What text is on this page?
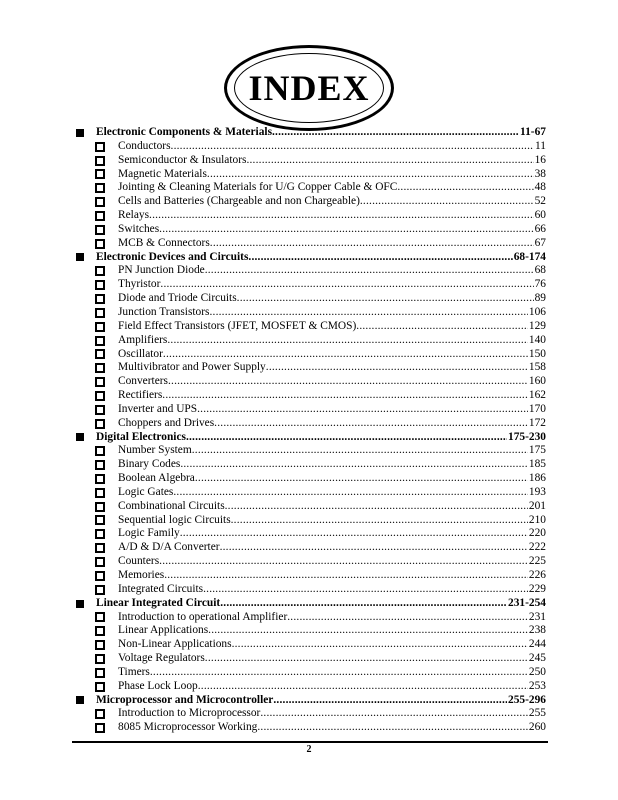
INDEX
Electronic Components & Materials .....	11-67
Conductors .....	11
Semiconductor & Insulators .....	16
Magnetic Materials .....	38
Jointing & Cleaning Materials for U/G Copper Cable & OFC .....	48
Cells and Batteries (Chargeable and non Chargeable) .....	52
Relays .....	60
Switches .....	66
MCB & Connectors .....	67
Electronic Devices and Circuits .....	68-174
PN Junction Diode .....	68
Thyristor .....	76
Diode and Triode Circuits .....	89
Junction Transistors .....	106
Field Effect Transistors (JFET, MOSFET & CMOS) .....	129
Amplifiers .....	140
Oscillator .....	150
Multivibrator and Power Supply .....	158
Converters .....	160
Rectifiers .....	162
Inverter and UPS .....	170
Choppers and Drives .....	172
Digital Electronics .....	175-230
Number System .....	175
Binary Codes .....	185
Boolean Algebra .....	186
Logic Gates .....	193
Combinational Circuits .....	201
Sequential logic Circuits .....	210
Logic Family .....	220
A/D & D/A Converter .....	222
Counters .....	225
Memories .....	226
Integrated Circuits .....	229
Linear Integrated Circuit .....	231-254
Introduction to operational Amplifier .....	231
Linear Applications .....	238
Non-Linear Applications .....	244
Voltage Regulators .....	245
Timers .....	250
Phase Lock Loop .....	253
Microprocessor and Microcontroller .....	255-296
Introduction to Microprocessor .....	255
8085 Microprocessor Working .....	260
2
